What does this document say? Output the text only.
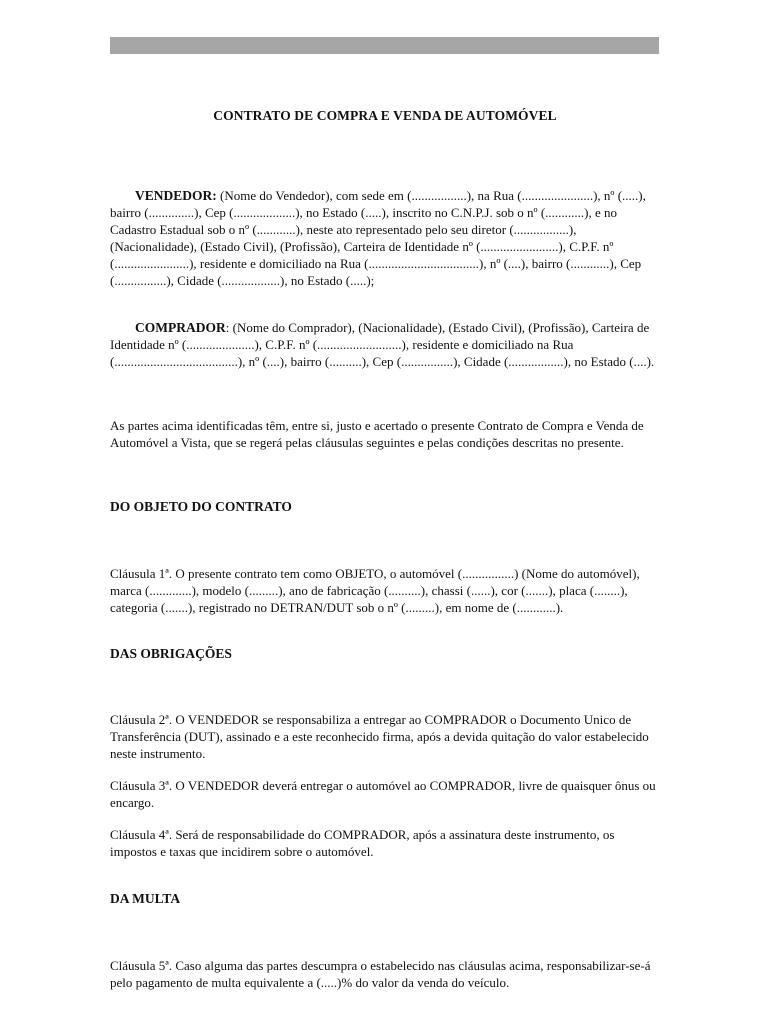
CONTRATO DE COMPRA E VENDA DE AUTOMÓVEL

VENDEDOR: (Nome do Vendedor), com sede em (.................), na Rua (......................), nº (.....), bairro (..............), Cep (...................), no Estado (.....), inscrito no C.N.P.J. sob o nº (............), e no Cadastro Estadual sob o nº (............), neste ato representado pelo seu diretor (.................), (Nacionalidade), (Estado Civil), (Profissão), Carteira de Identidade nº (........................), C.P.F. nº (.......................), residente e domiciliado na Rua (..................................), nº (....), bairro (............), Cep (................), Cidade (..................), no Estado (.....);

COMPRADOR: (Nome do Comprador), (Nacionalidade), (Estado Civil), (Profissão), Carteira de Identidade nº (.....................), C.P.F. nº (..........................), residente e domiciliado na Rua (......................................), nº (....), bairro (..........), Cep (................), Cidade (.................), no Estado (....).

As partes acima identificadas têm, entre si, justo e acertado o presente Contrato de Compra e Venda de Automóvel a Vista, que se regerá pelas cláusulas seguintes e pelas condições descritas no presente.

DO OBJETO DO CONTRATO

Cláusula 1ª. O presente contrato tem como OBJETO, o automóvel (................) (Nome do automóvel), marca (.............), modelo (.........), ano de fabricação (..........), chassi (......), cor (.......), placa (........), categoria (.......), registrado no DETRAN/DUT sob o nº (.........), em nome de (............).

DAS OBRIGAÇÕES

Cláusula 2ª. O VENDEDOR se responsabiliza a entregar ao COMPRADOR o Documento Unico de Transferência (DUT), assinado e a este reconhecido firma, após a devida quitação do valor estabelecido neste instrumento.

Cláusula 3ª. O VENDEDOR deverá entregar o automóvel ao COMPRADOR, livre de quaisquer ônus ou encargo.

Cláusula 4ª. Será de responsabilidade do COMPRADOR, após a assinatura deste instrumento, os impostos e taxas que incidirem sobre o automóvel.

DA MULTA

Cláusula 5ª. Caso alguma das partes descumpra o estabelecido nas cláusulas acima, responsabilizar-se-á pelo pagamento de multa equivalente a (.....)% do valor da venda do veículo.
